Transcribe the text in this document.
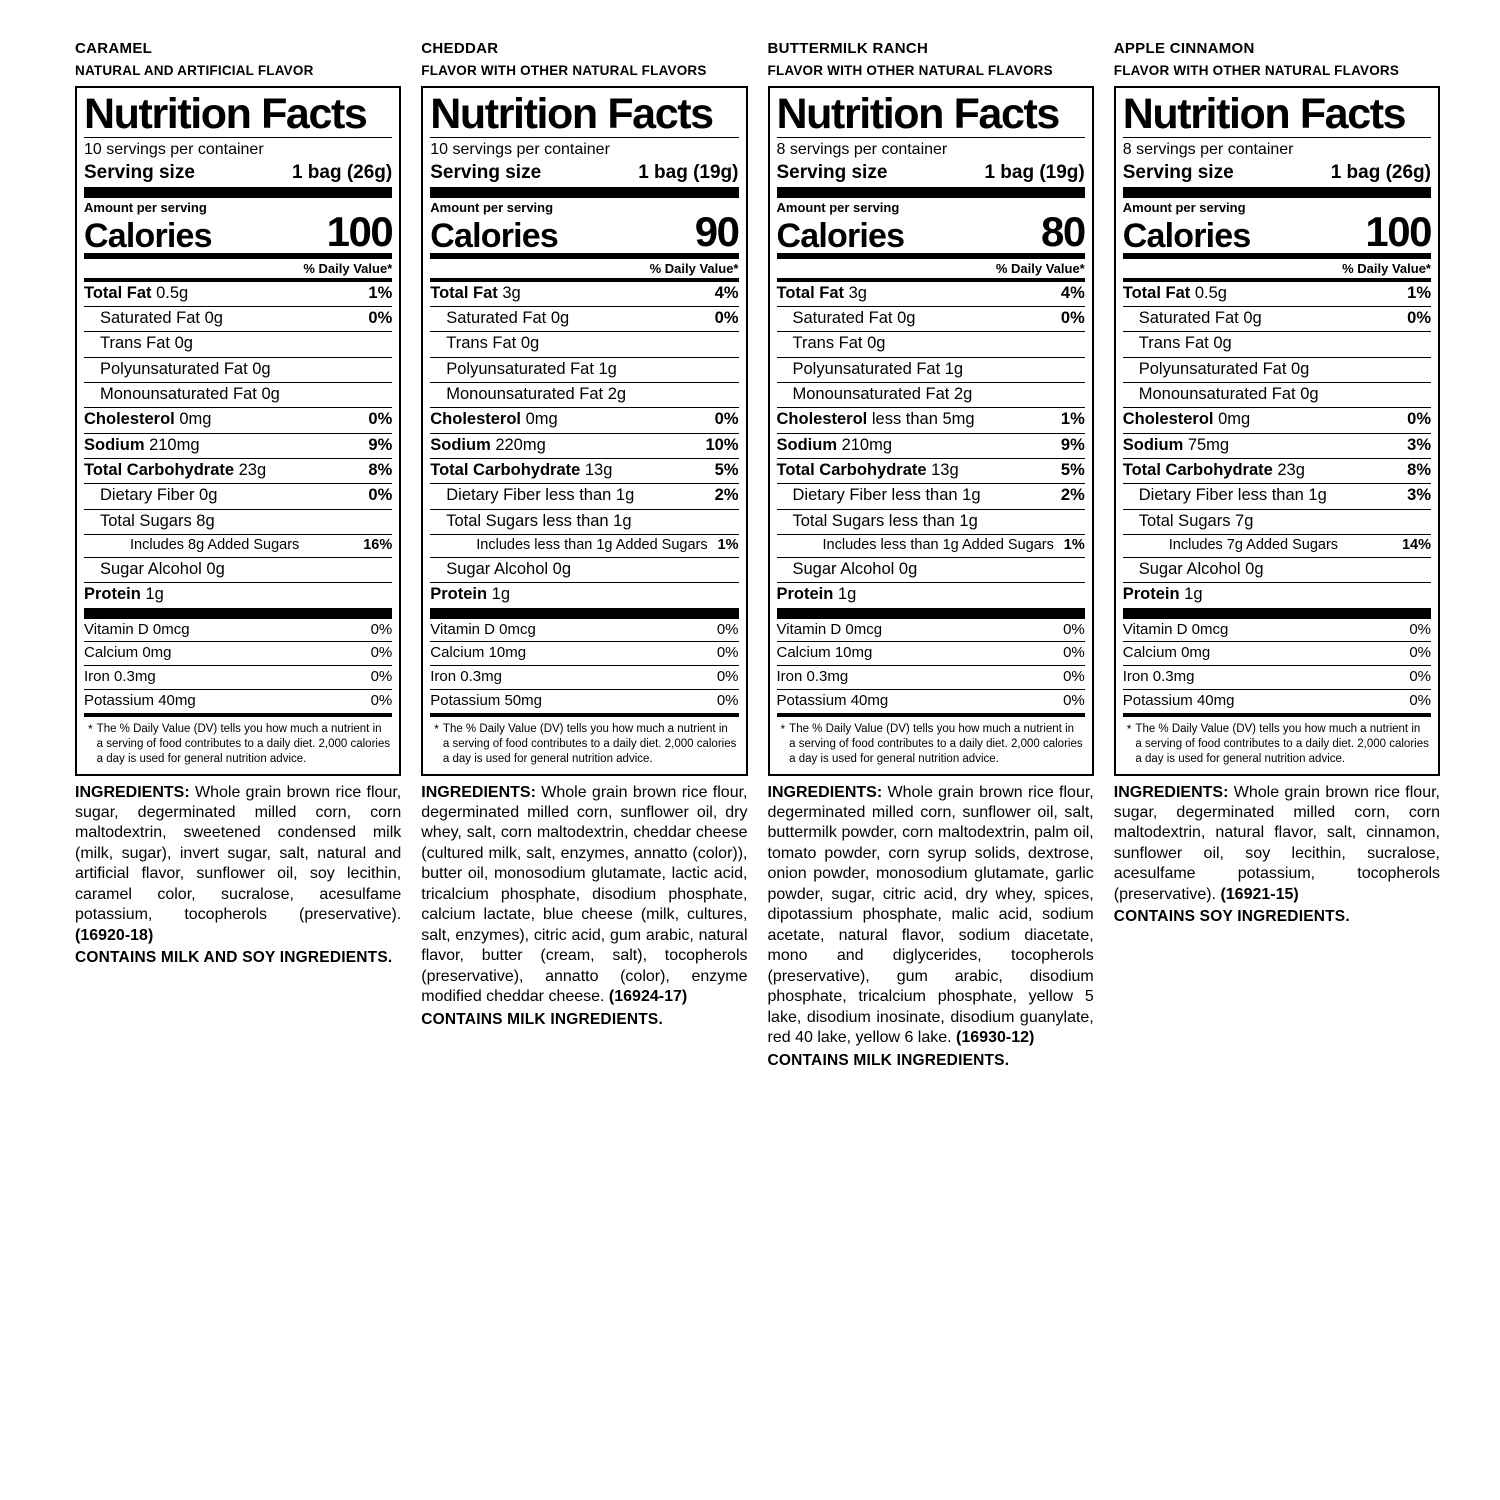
CARAMEL
NATURAL AND ARTIFICIAL FLAVOR
Nutrition Facts
10 servings per container
Serving size	1 bag (26g)
Amount per serving
Calories	100
% Daily Value*
Total Fat 0.5g	1%
Saturated Fat 0g	0%
Trans Fat 0g
Polyunsaturated Fat 0g
Monounsaturated Fat 0g
Cholesterol 0mg	0%
Sodium 210mg	9%
Total Carbohydrate 23g	8%
Dietary Fiber 0g	0%
Total Sugars 8g
Includes 8g Added Sugars	16%
Sugar Alcohol 0g
Protein 1g
Vitamin D 0mcg	0%
Calcium 0mg	0%
Iron 0.3mg	0%
Potassium 40mg	0%
* The % Daily Value (DV) tells you how much a nutrient in a serving of food contributes to a daily diet. 2,000 calories a day is used for general nutrition advice.
INGREDIENTS: Whole grain brown rice flour, sugar, degerminated milled corn, corn maltodextrin, sweetened condensed milk (milk, sugar), invert sugar, salt, natural and artificial flavor, sunflower oil, soy lecithin, caramel color, sucralose, acesulfame potassium, tocopherols (preservative). (16920-18)
CONTAINS MILK AND SOY INGREDIENTS.
CHEDDAR
FLAVOR WITH OTHER NATURAL FLAVORS
Nutrition Facts
10 servings per container
Serving size	1 bag (19g)
Amount per serving
Calories	90
% Daily Value*
Total Fat 3g	4%
Saturated Fat 0g	0%
Trans Fat 0g
Polyunsaturated Fat 1g
Monounsaturated Fat 2g
Cholesterol 0mg	0%
Sodium 220mg	10%
Total Carbohydrate 13g	5%
Dietary Fiber less than 1g	2%
Total Sugars less than 1g
Includes less than 1g Added Sugars 1%
Sugar Alcohol 0g
Protein 1g
Vitamin D 0mcg	0%
Calcium 10mg	0%
Iron 0.3mg	0%
Potassium 50mg	0%
* The % Daily Value (DV) tells you how much a nutrient in a serving of food contributes to a daily diet. 2,000 calories a day is used for general nutrition advice.
INGREDIENTS: Whole grain brown rice flour, degerminated milled corn, sunflower oil, dry whey, salt, corn maltodextrin, cheddar cheese (cultured milk, salt, enzymes, annatto (color)), butter oil, monosodium glutamate, lactic acid, tricalcium phosphate, disodium phosphate, calcium lactate, blue cheese (milk, cultures, salt, enzymes), citric acid, gum arabic, natural flavor, butter (cream, salt), tocopherols (preservative), annatto (color), enzyme modified cheddar cheese. (16924-17)
CONTAINS MILK INGREDIENTS.
BUTTERMILK RANCH
FLAVOR WITH OTHER NATURAL FLAVORS
Nutrition Facts
8 servings per container
Serving size	1 bag (19g)
Amount per serving
Calories	80
% Daily Value*
Total Fat 3g	4%
Saturated Fat 0g	0%
Trans Fat 0g
Polyunsaturated Fat 1g
Monounsaturated Fat 2g
Cholesterol less than 5mg	1%
Sodium 210mg	9%
Total Carbohydrate 13g	5%
Dietary Fiber less than 1g	2%
Total Sugars less than 1g
Includes less than 1g Added Sugars 1%
Sugar Alcohol 0g
Protein 1g
Vitamin D 0mcg	0%
Calcium 10mg	0%
Iron 0.3mg	0%
Potassium 40mg	0%
* The % Daily Value (DV) tells you how much a nutrient in a serving of food contributes to a daily diet. 2,000 calories a day is used for general nutrition advice.
INGREDIENTS: Whole grain brown rice flour, degerminated milled corn, sunflower oil, salt, buttermilk powder, corn maltodextrin, palm oil, tomato powder, corn syrup solids, dextrose, onion powder, monosodium glutamate, garlic powder, sugar, citric acid, dry whey, spices, dipotassium phosphate, malic acid, sodium acetate, natural flavor, sodium diacetate, mono and diglycerides, tocopherols (preservative), gum arabic, disodium phosphate, tricalcium phosphate, yellow 5 lake, disodium inosinate, disodium guanylate, red 40 lake, yellow 6 lake. (16930-12)
CONTAINS MILK INGREDIENTS.
APPLE CINNAMON
FLAVOR WITH OTHER NATURAL FLAVORS
Nutrition Facts
8 servings per container
Serving size	1 bag (26g)
Amount per serving
Calories	100
% Daily Value*
Total Fat 0.5g	1%
Saturated Fat 0g	0%
Trans Fat 0g
Polyunsaturated Fat 0g
Monounsaturated Fat 0g
Cholesterol 0mg	0%
Sodium 75mg	3%
Total Carbohydrate 23g	8%
Dietary Fiber less than 1g	3%
Total Sugars 7g
Includes 7g Added Sugars	14%
Sugar Alcohol 0g
Protein 1g
Vitamin D 0mcg	0%
Calcium 0mg	0%
Iron 0.3mg	0%
Potassium 40mg	0%
* The % Daily Value (DV) tells you how much a nutrient in a serving of food contributes to a daily diet. 2,000 calories a day is used for general nutrition advice.
INGREDIENTS: Whole grain brown rice flour, sugar, degerminated milled corn, corn maltodextrin, natural flavor, salt, cinnamon, sunflower oil, soy lecithin, sucralose, acesulfame potassium, tocopherols (preservative). (16921-15)
CONTAINS SOY INGREDIENTS.
